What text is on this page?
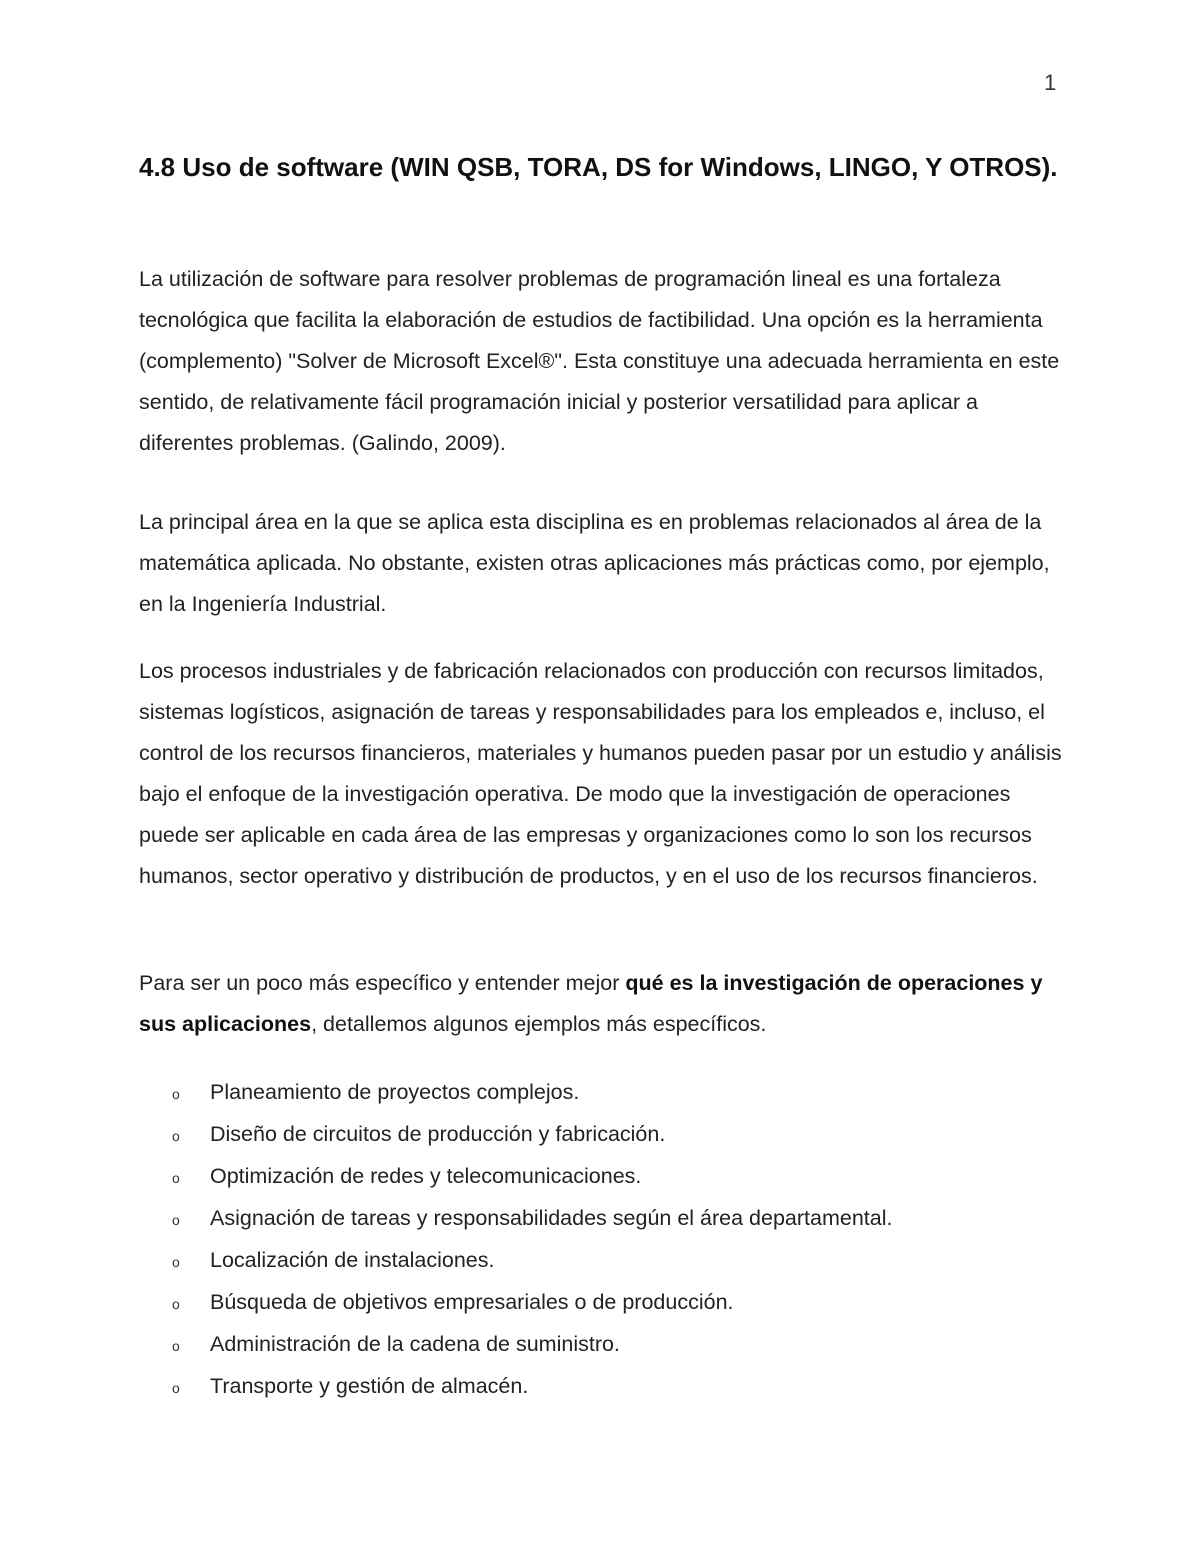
1
4.8 Uso de software (WIN QSB, TORA, DS for Windows, LINGO, Y OTROS).

La utilización de software para resolver problemas de programación lineal es una fortaleza tecnológica que facilita la elaboración de estudios de factibilidad. Una opción es la herramienta (complemento) "Solver de Microsoft Excel®". Esta constituye una adecuada herramienta en este sentido, de relativamente fácil programación inicial y posterior versatilidad para aplicar a diferentes problemas. (Galindo, 2009).

La principal área en la que se aplica esta disciplina es en problemas relacionados al área de la matemática aplicada. No obstante, existen otras aplicaciones más prácticas como, por ejemplo, en la Ingeniería Industrial.

Los procesos industriales y de fabricación relacionados con producción con recursos limitados, sistemas logísticos, asignación de tareas y responsabilidades para los empleados e, incluso, el control de los recursos financieros, materiales y humanos pueden pasar por un estudio y análisis bajo el enfoque de la investigación operativa. De modo que la investigación de operaciones puede ser aplicable en cada área de las empresas y organizaciones como lo son los recursos humanos, sector operativo y distribución de productos, y en el uso de los recursos financieros.

Para ser un poco más específico y entender mejor qué es la investigación de operaciones y sus aplicaciones, detallemos algunos ejemplos más específicos.

o	Planeamiento de proyectos complejos.
o	Diseño de circuitos de producción y fabricación.
o	Optimización de redes y telecomunicaciones.
o	Asignación de tareas y responsabilidades según el área departamental.
o	Localización de instalaciones.
o	Búsqueda de objetivos empresariales o de producción.
o	Administración de la cadena de suministro.
o	Transporte y gestión de almacén.
